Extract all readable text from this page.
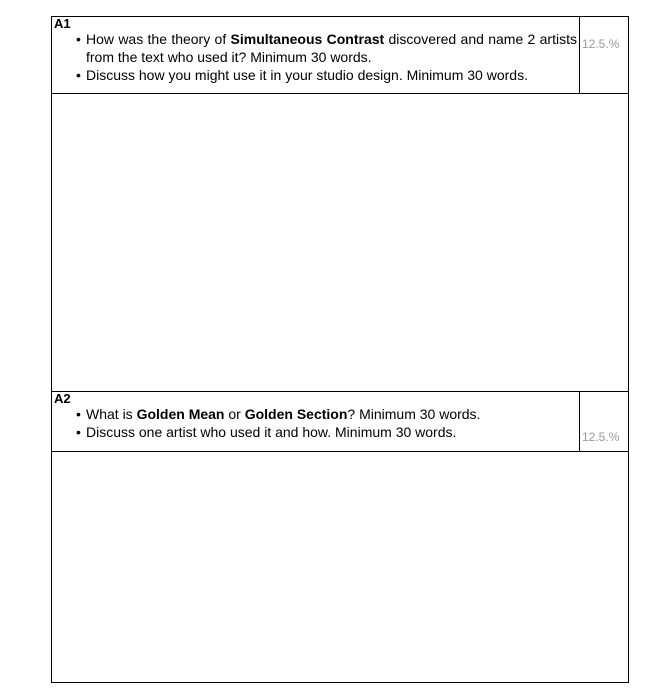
A1
• How was the theory of Simultaneous Contrast discovered and name 2 artists from the text who used it? Minimum 30 words.
• Discuss how you might use it in your studio design. Minimum 30 words.
12.5.%
A2
• What is Golden Mean or Golden Section? Minimum 30 words.
• Discuss one artist who used it and how. Minimum 30 words.	12.5.%
